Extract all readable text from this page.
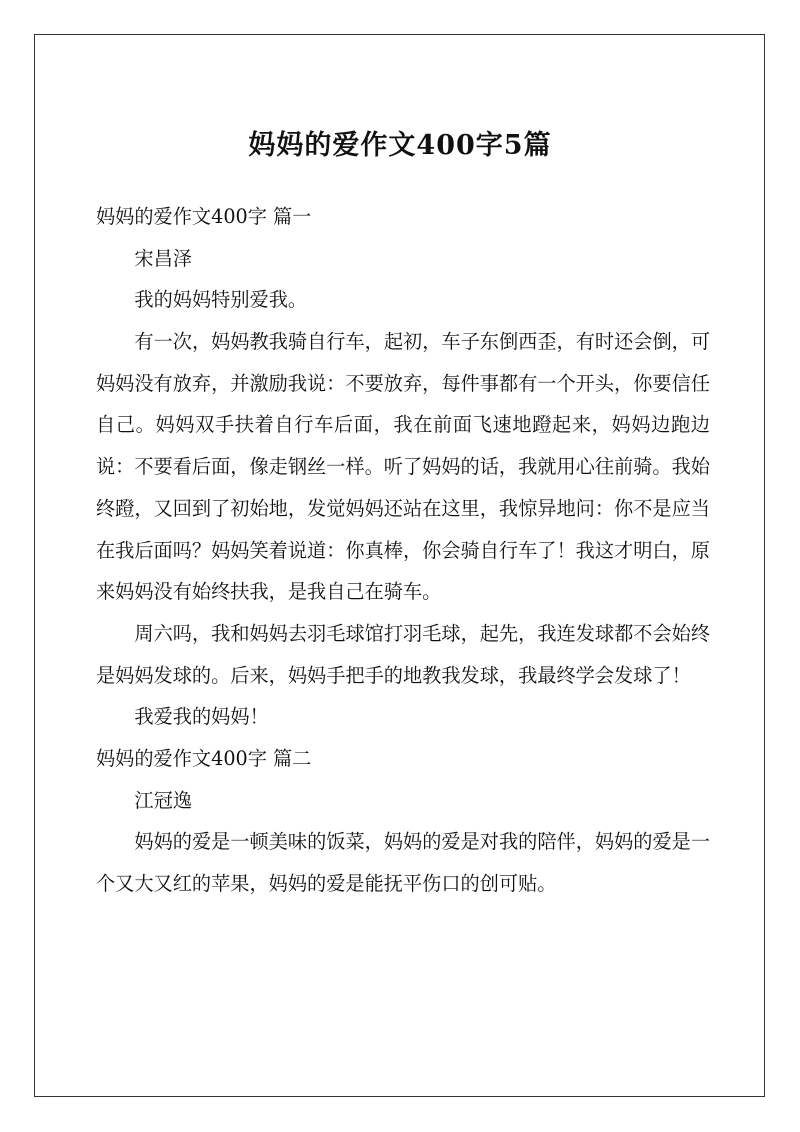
妈妈的爱作文400字5篇
妈妈的爱作文400字 篇一
宋昌泽

我的妈妈特别爱我。

有一次，妈妈教我骑自行车，起初，车子东倒西歪，有时还会倒，可妈妈没有放弃，并激励我说：不要放弃，每件事都有一个开头，你要信任自己。妈妈双手扶着自行车后面，我在前面飞速地蹬起来，妈妈边跑边说：不要看后面，像走钢丝一样。听了妈妈的话，我就用心往前骑。我始终蹬，又回到了初始地，发觉妈妈还站在这里，我惊异地问：你不是应当在我后面吗？妈妈笑着说道：你真棒，你会骑自行车了！我这才明白，原来妈妈没有始终扶我，是我自己在骑车。

周六吗，我和妈妈去羽毛球馆打羽毛球，起先，我连发球都不会始终是妈妈发球的。后来，妈妈手把手的地教我发球，我最终学会发球了！

我爱我的妈妈！

妈妈的爱作文400字 篇二
江冠逸

妈妈的爱是一顿美味的饭菜，妈妈的爱是对我的陪伴，妈妈的爱是一个又大又红的苹果，妈妈的爱是能抚平伤口的创可贴。
